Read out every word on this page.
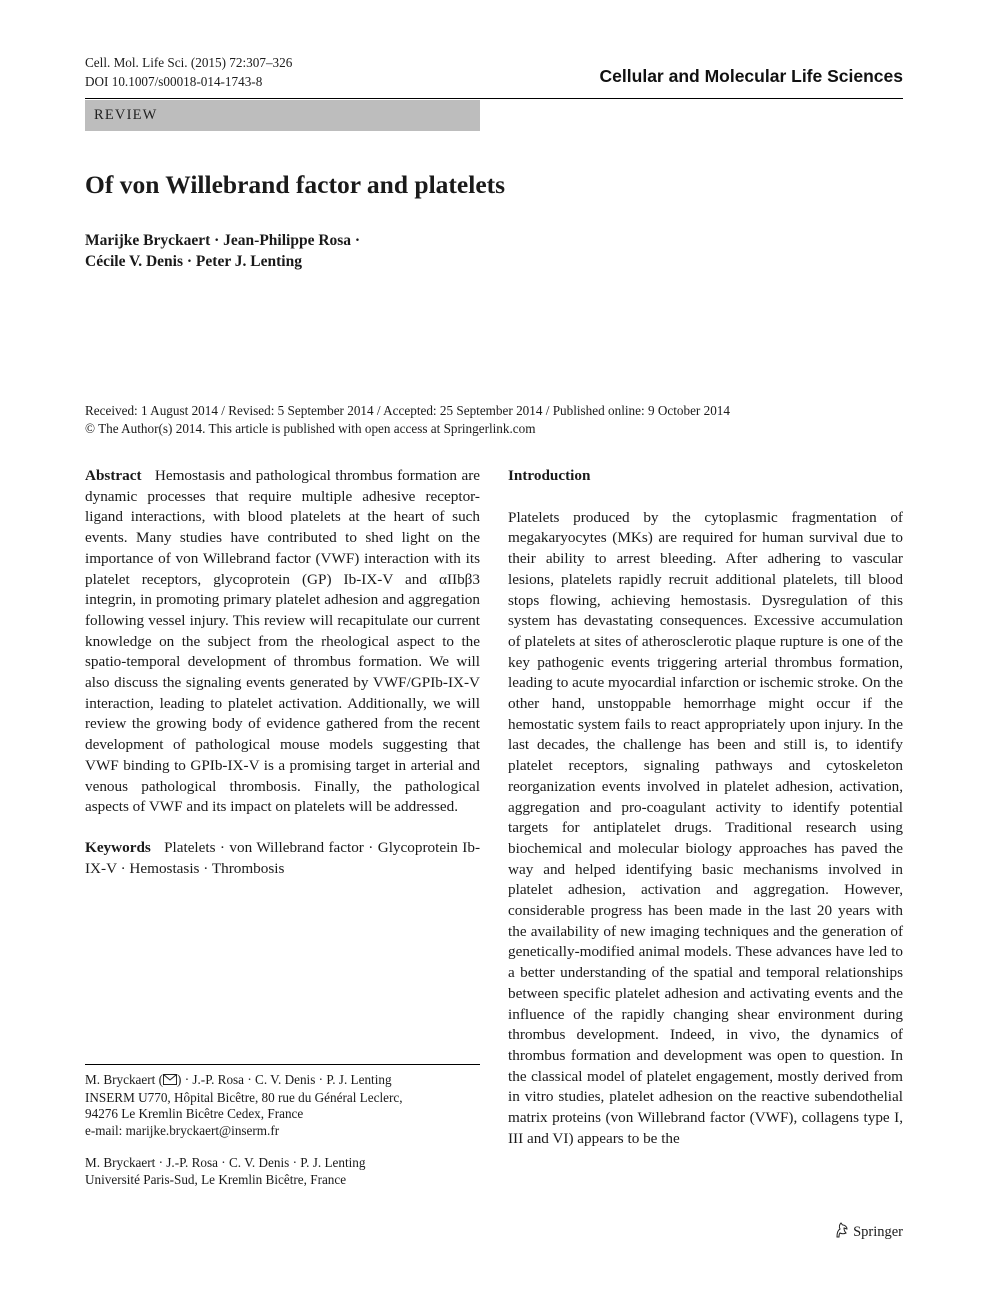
Cell. Mol. Life Sci. (2015) 72:307–326
DOI 10.1007/s00018-014-1743-8	Cellular and Molecular Life Sciences
REVIEW
Of von Willebrand factor and platelets
Marijke Bryckaert · Jean-Philippe Rosa ·
Cécile V. Denis · Peter J. Lenting
Received: 1 August 2014 / Revised: 5 September 2014 / Accepted: 25 September 2014 / Published online: 9 October 2014
© The Author(s) 2014. This article is published with open access at Springerlink.com

Abstract Hemostasis and pathological thrombus formation are dynamic processes that require multiple adhesive receptor-ligand interactions, with blood platelets at the heart of such events. Many studies have contributed to shed light on the importance of von Willebrand factor (VWF) interaction with its platelet receptors, glycoprotein (GP) Ib-IX-V and αIIbβ3 integrin, in promoting primary platelet adhesion and aggregation following vessel injury. This review will recapitulate our current knowledge on the subject from the rheological aspect to the spatio-temporal development of thrombus formation. We will also discuss the signaling events generated by VWF/GPIb-IX-V interaction, leading to platelet activation. Additionally, we will review the growing body of evidence gathered from the recent development of pathological mouse models suggesting that VWF binding to GPIb-IX-V is a promising target in arterial and venous pathological thrombosis. Finally, the pathological aspects of VWF and its impact on platelets will be addressed.

Keywords Platelets · von Willebrand factor · Glycoprotein Ib-IX-V · Hemostasis · Thrombosis

M. Bryckaert ( ) · J.-P. Rosa · C. V. Denis · P. J. Lenting
INSERM U770, Hôpital Bicêtre, 80 rue du Général Leclerc,
94276 Le Kremlin Bicêtre Cedex, France
e-mail: marijke.bryckaert@inserm.fr
M. Bryckaert · J.-P. Rosa · C. V. Denis · P. J. Lenting
Université Paris-Sud, Le Kremlin Bicêtre, France

Introduction

Platelets produced by the cytoplasmic fragmentation of megakaryocytes (MKs) are required for human survival due to their ability to arrest bleeding. After adhering to vascular lesions, platelets rapidly recruit additional platelets, till blood stops flowing, achieving hemostasis. Dysregulation of this system has devastating consequences. Excessive accumulation of platelets at sites of atherosclerotic plaque rupture is one of the key pathogenic events triggering arterial thrombus formation, leading to acute myocardial infarction or ischemic stroke. On the other hand, unstoppable hemorrhage might occur if the hemostatic system fails to react appropriately upon injury. In the last decades, the challenge has been and still is, to identify platelet receptors, signaling pathways and cytoskeleton reorganization events involved in platelet adhesion, activation, aggregation and pro-coagulant activity to identify potential targets for antiplatelet drugs. Traditional research using biochemical and molecular biology approaches has paved the way and helped identifying basic mechanisms involved in platelet adhesion, activation and aggregation. However, considerable progress has been made in the last 20 years with the availability of new imaging techniques and the generation of genetically-modified animal models. These advances have led to a better understanding of the spatial and temporal relationships between specific platelet adhesion and activating events and the influence of the rapidly changing shear environment during thrombus development. Indeed, in vivo, the dynamics of thrombus formation and development was open to question. In the classical model of platelet engagement, mostly derived from in vitro studies, platelet adhesion on the reactive subendothelial matrix proteins (von Willebrand factor (VWF), collagens type I, III and VI) appears to be the

Springer
